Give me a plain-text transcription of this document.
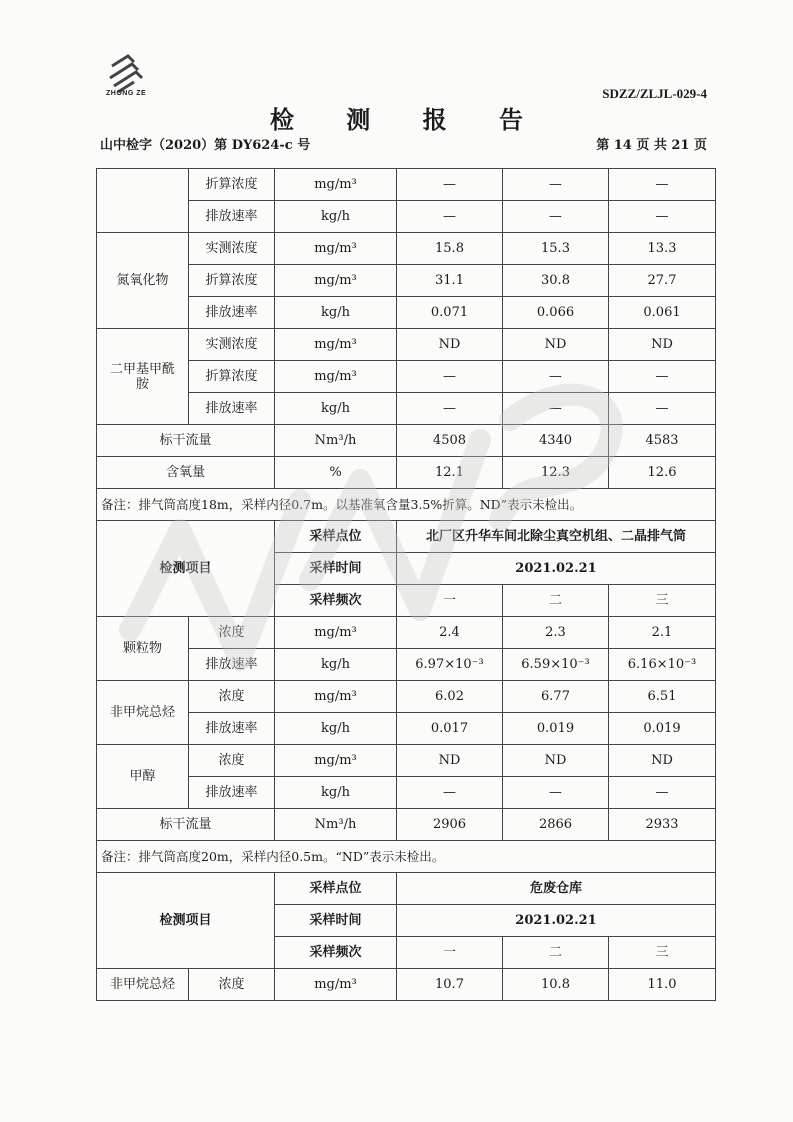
ZHONG ZE	SDZZ/ZLJL-029-4
检 测 报 告
山中检字（2020）第 DY624-c 号	第 14 页 共 21 页
	折算浓度	mg/m³	—	—	—
	排放速率	kg/h	—	—	—
氮氧化物	实测浓度	mg/m³	15.8	15.3	13.3
	折算浓度	mg/m³	31.1	30.8	27.7
	排放速率	kg/h	0.071	0.066	0.061
二甲基甲酰胺	实测浓度	mg/m³	ND	ND	ND
	折算浓度	mg/m³	—	—	—
	排放速率	kg/h	—	—	—
标干流量		Nm³/h	4508	4340	4583
含氧量		%	12.1	12.3	12.6
备注：排气筒高度18m，采样内径0.7m。以基准氧含量3.5%折算。ND”表示未检出。					
检测项目		采样点位	北厂区升华车间北除尘真空机组、二晶排气筒		
		采样时间	2021.02.21		
		采样频次	一	二	三
颗粒物	浓度	mg/m³	2.4	2.3	2.1
	排放速率	kg/h	6.97×10⁻³	6.59×10⁻³	6.16×10⁻³
非甲烷总烃	浓度	mg/m³	6.02	6.77	6.51
	排放速率	kg/h	0.017	0.019	0.019
甲醇	浓度	mg/m³	ND	ND	ND
	排放速率	kg/h	—	—	—
标干流量		Nm³/h	2906	2866	2933
备注：排气筒高度20m，采样内径0.5m。“ND”表示未检出。					
检测项目		采样点位	危废仓库		
		采样时间	2021.02.21		
		采样频次	一	二	三
非甲烷总烃	浓度	mg/m³	10.7	10.8	11.0
